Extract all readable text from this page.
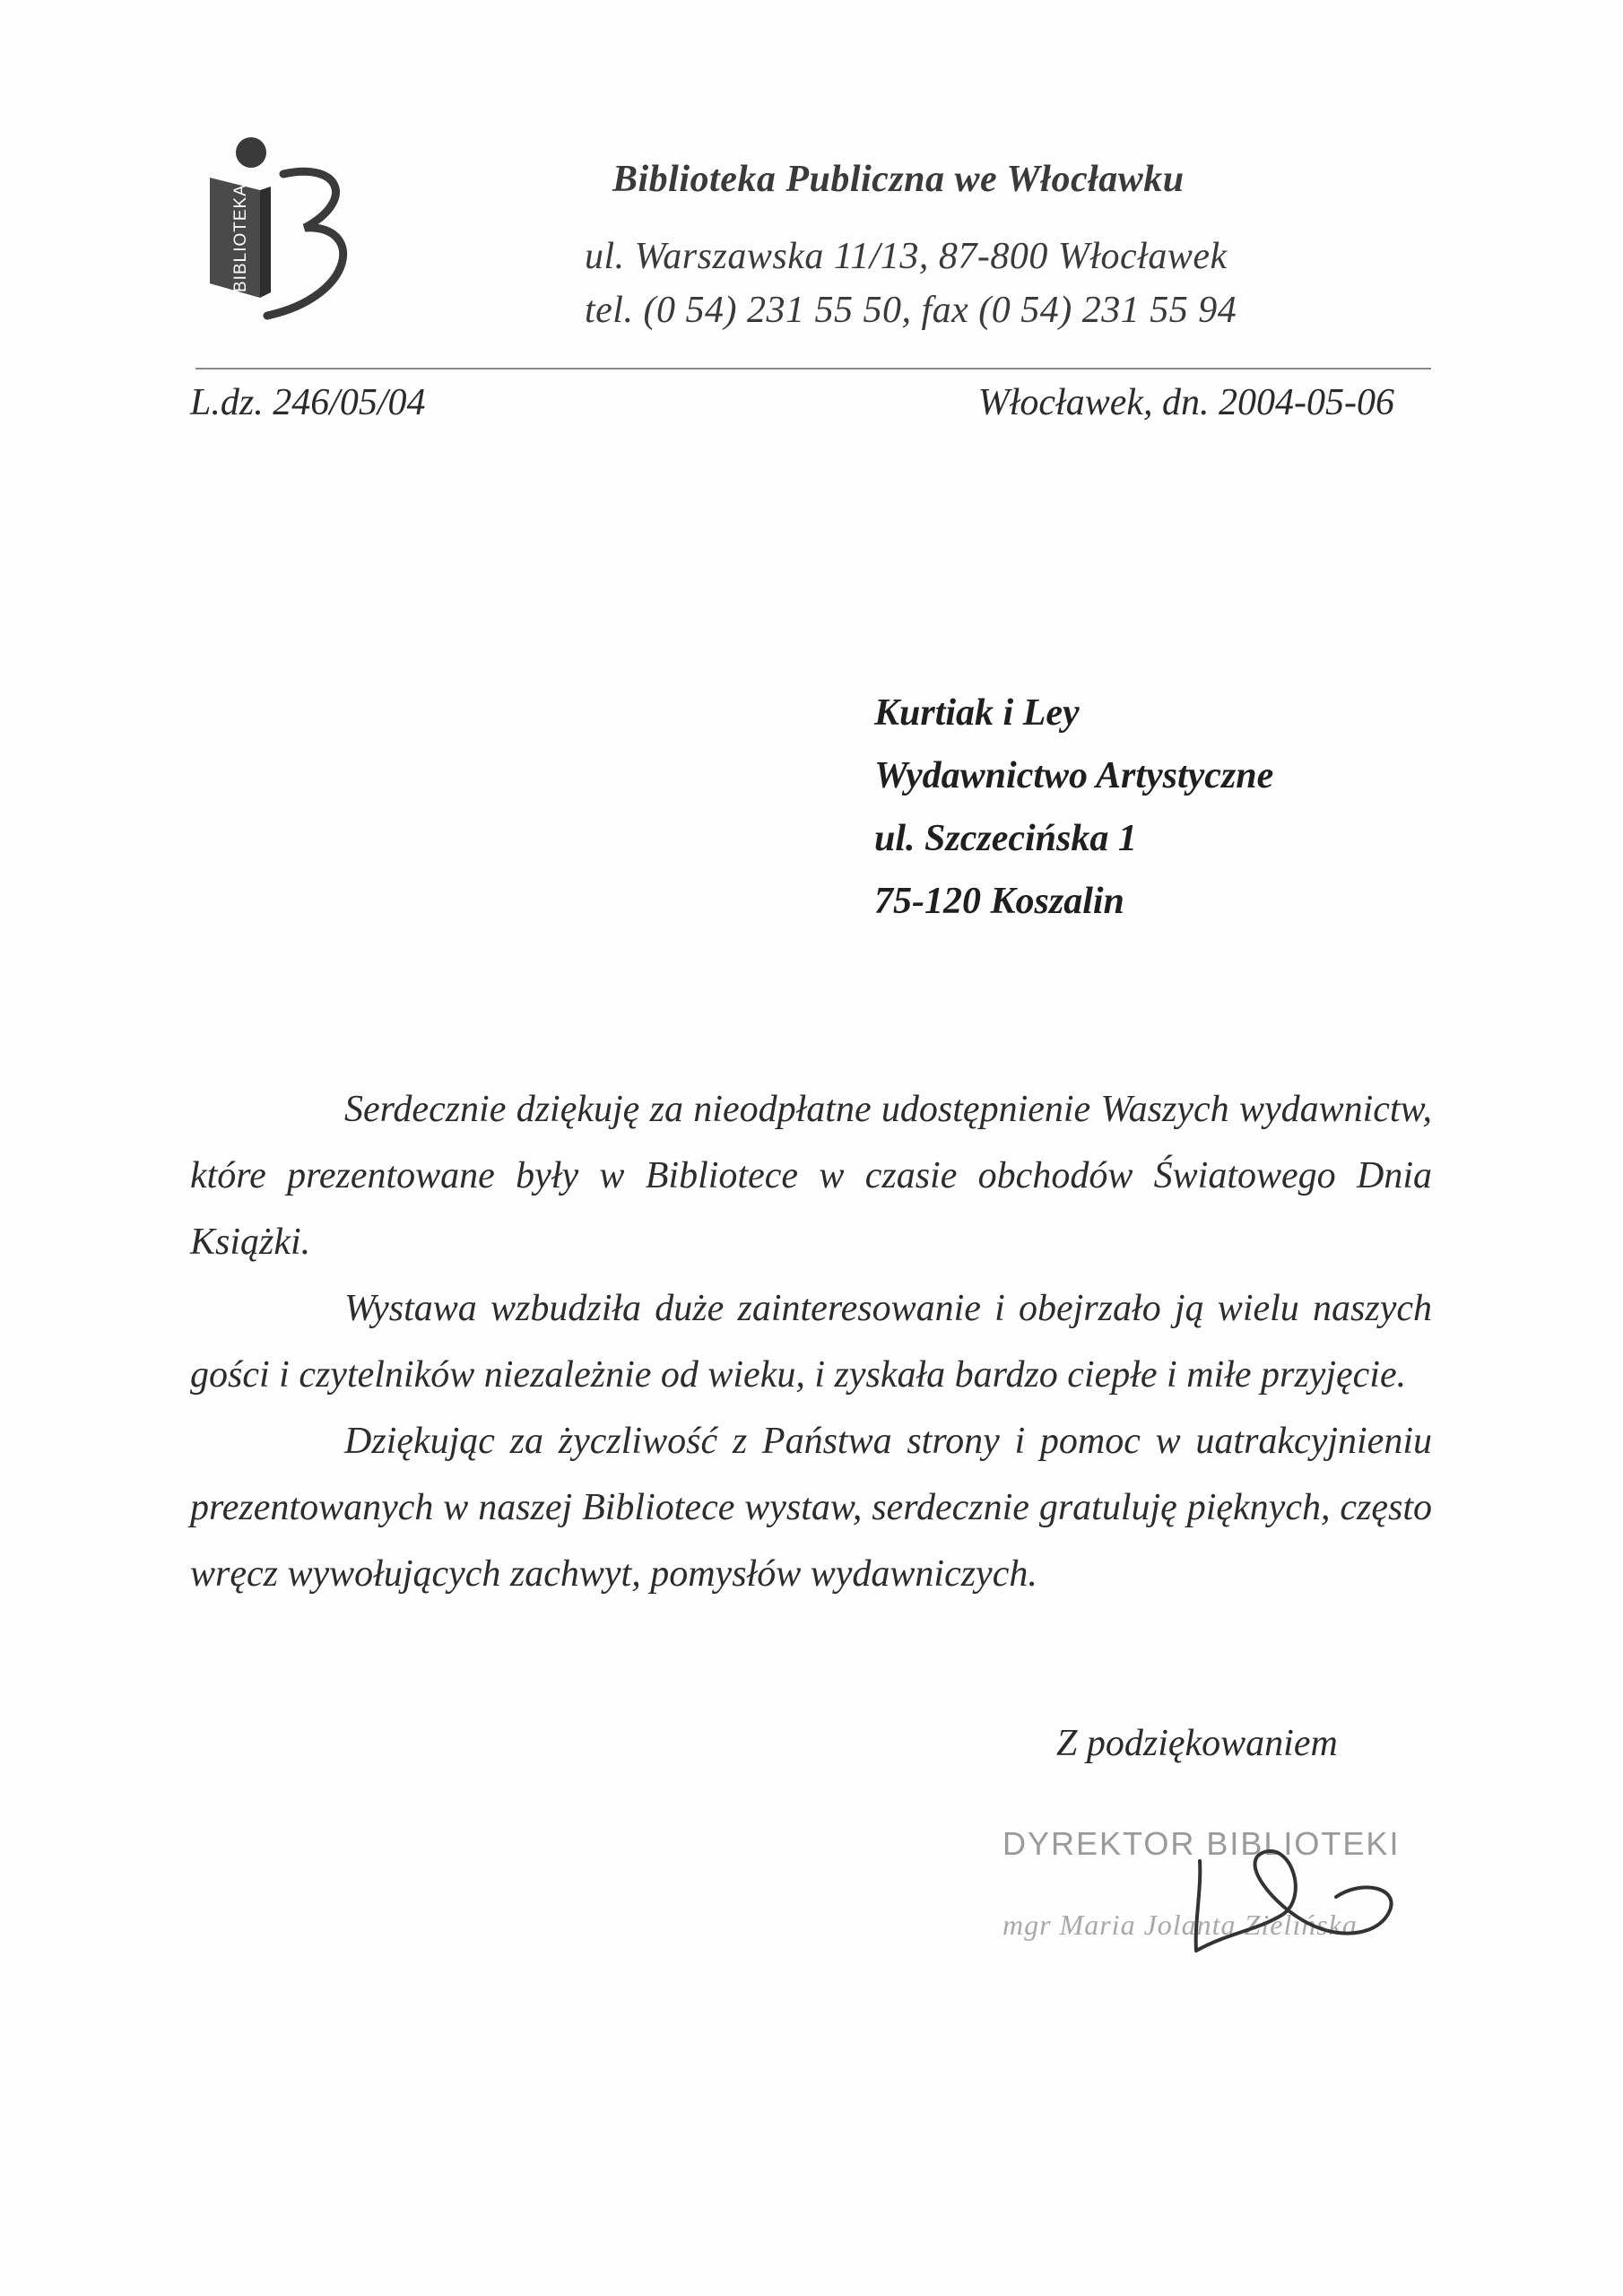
BIBLIOTEKA
Biblioteka Publiczna we Włocławku
ul. Warszawska 11/13, 87-800 Włocławek
tel. (0 54) 231 55 50, fax (0 54) 231 55 94
L.dz. 246/05/04	Włocławek, dn. 2004-05-06
Kurtiak i Ley
Wydawnictwo Artystyczne
ul. Szczecińska 1
75-120 Koszalin

Serdecznie dziękuję za nieodpłatne udostępnienie Waszych wydawnictw, które prezentowane były w Bibliotece w czasie obchodów Światowego Dnia Książki.

Wystawa wzbudziła duże zainteresowanie i obejrzało ją wielu naszych gości i czytelników niezależnie od wieku, i zyskała bardzo ciepłe i miłe przyjęcie.

Dziękując za życzliwość z Państwa strony i pomoc w uatrakcyjnieniu prezentowanych w naszej Bibliotece wystaw, serdecznie gratuluję pięknych, często wręcz wywołujących zachwyt, pomysłów wydawniczych.

Z podziękowaniem
DYREKTOR BIBLIOTEKI
mgr Maria Jolanta Zielińska
